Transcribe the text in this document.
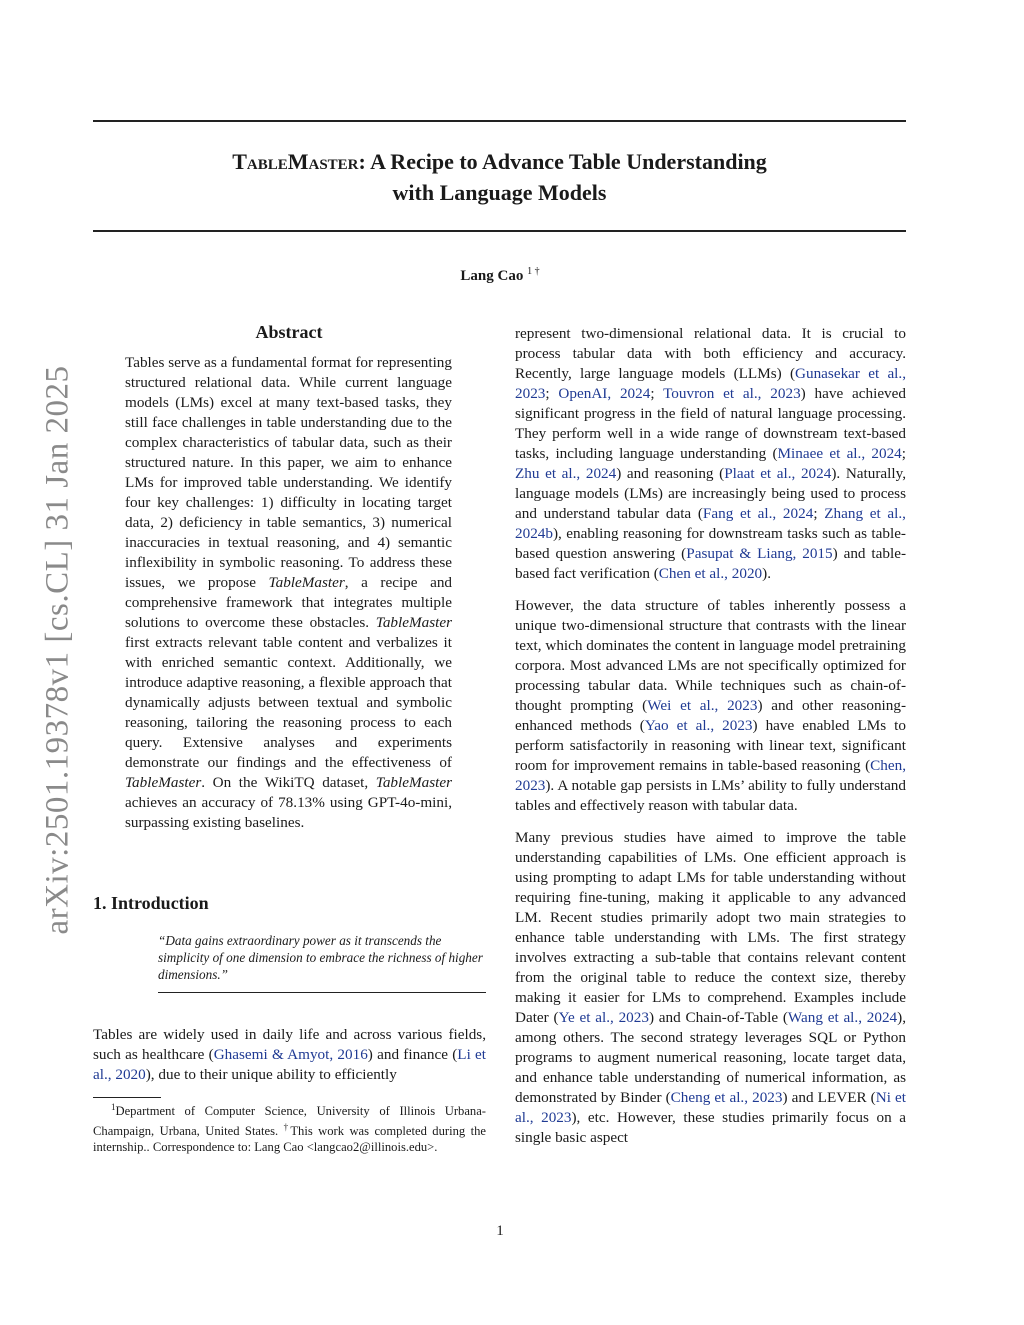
TableMaster: A Recipe to Advance Table Understanding
with Language Models
Lang Cao $^{1 \dagger}$
arXiv:2501.19378v1 [cs.CL] 31 Jan 2025
Abstract

Tables serve as a fundamental format for representing structured relational data. While current language models (LMs) excel at many text-based tasks, they still face challenges in table understanding due to the complex characteristics of tabular data, such as their structured nature. In this paper, we aim to enhance LMs for improved table understanding. We identify four key challenges: 1) difficulty in locating target data, 2) deficiency in table semantics, 3) numerical inaccuracies in textual reasoning, and 4) semantic inflexibility in symbolic reasoning. To address these issues, we propose TableMaster, a recipe and comprehensive framework that integrates multiple solutions to overcome these obstacles. TableMaster first extracts relevant table content and verbalizes it with enriched semantic context. Additionally, we introduce adaptive reasoning, a flexible approach that dynamically adjusts between textual and symbolic reasoning, tailoring the reasoning process to each query. Extensive analyses and experiments demonstrate our findings and the effectiveness of TableMaster. On the WikiTQ dataset, TableMaster achieves an accuracy of 78.13% using GPT-4o-mini, surpassing existing baselines.

1. Introduction

“Data gains extraordinary power as it transcends the simplicity of one dimension to embrace the richness of higher dimensions.”

Tables are widely used in daily life and across various fields, such as healthcare (Ghasemi & Amyot, 2016) and finance (Li et al., 2020), due to their unique ability to efficiently

$^1$Department of Computer Science, University of Illinois Urbana-Champaign, Urbana, United States. †This work was completed during the internship.. Correspondence to: Lang Cao <langcao2@illinois.edu>.

represent two-dimensional relational data. It is crucial to process tabular data with both efficiency and accuracy. Recently, large language models (LLMs) (Gunasekar et al., 2023; OpenAI, 2024; Touvron et al., 2023) have achieved significant progress in the field of natural language processing. They perform well in a wide range of downstream text-based tasks, including language understanding (Minaee et al., 2024; Zhu et al., 2024) and reasoning (Plaat et al., 2024). Naturally, language models (LMs) are increasingly being used to process and understand tabular data (Fang et al., 2024; Zhang et al., 2024b), enabling reasoning for downstream tasks such as table-based question answering (Pasupat & Liang, 2015) and table-based fact verification (Chen et al., 2020).

However, the data structure of tables inherently possess a unique two-dimensional structure that contrasts with the linear text, which dominates the content in language model pretraining corpora. Most advanced LMs are not specifically optimized for processing tabular data. While techniques such as chain-of-thought prompting (Wei et al., 2023) and other reasoning-enhanced methods (Yao et al., 2023) have enabled LMs to perform satisfactorily in reasoning with linear text, significant room for improvement remains in table-based reasoning (Chen, 2023). A notable gap persists in LMs’ ability to fully understand tables and effectively reason with tabular data.

Many previous studies have aimed to improve the table understanding capabilities of LMs. One efficient approach is using prompting to adapt LMs for table understanding without requiring fine-tuning, making it applicable to any advanced LM. Recent studies primarily adopt two main strategies to enhance table understanding with LMs. The first strategy involves extracting a sub-table that contains relevant content from the original table to reduce the context size, thereby making it easier for LMs to comprehend. Examples include Dater (Ye et al., 2023) and Chain-of-Table (Wang et al., 2024), among others. The second strategy leverages SQL or Python programs to augment numerical reasoning, locate target data, and enhance table understanding of numerical information, as demonstrated by Binder (Cheng et al., 2023) and LEVER (Ni et al., 2023), etc. However, these studies primarily focus on a single basic aspect

1
